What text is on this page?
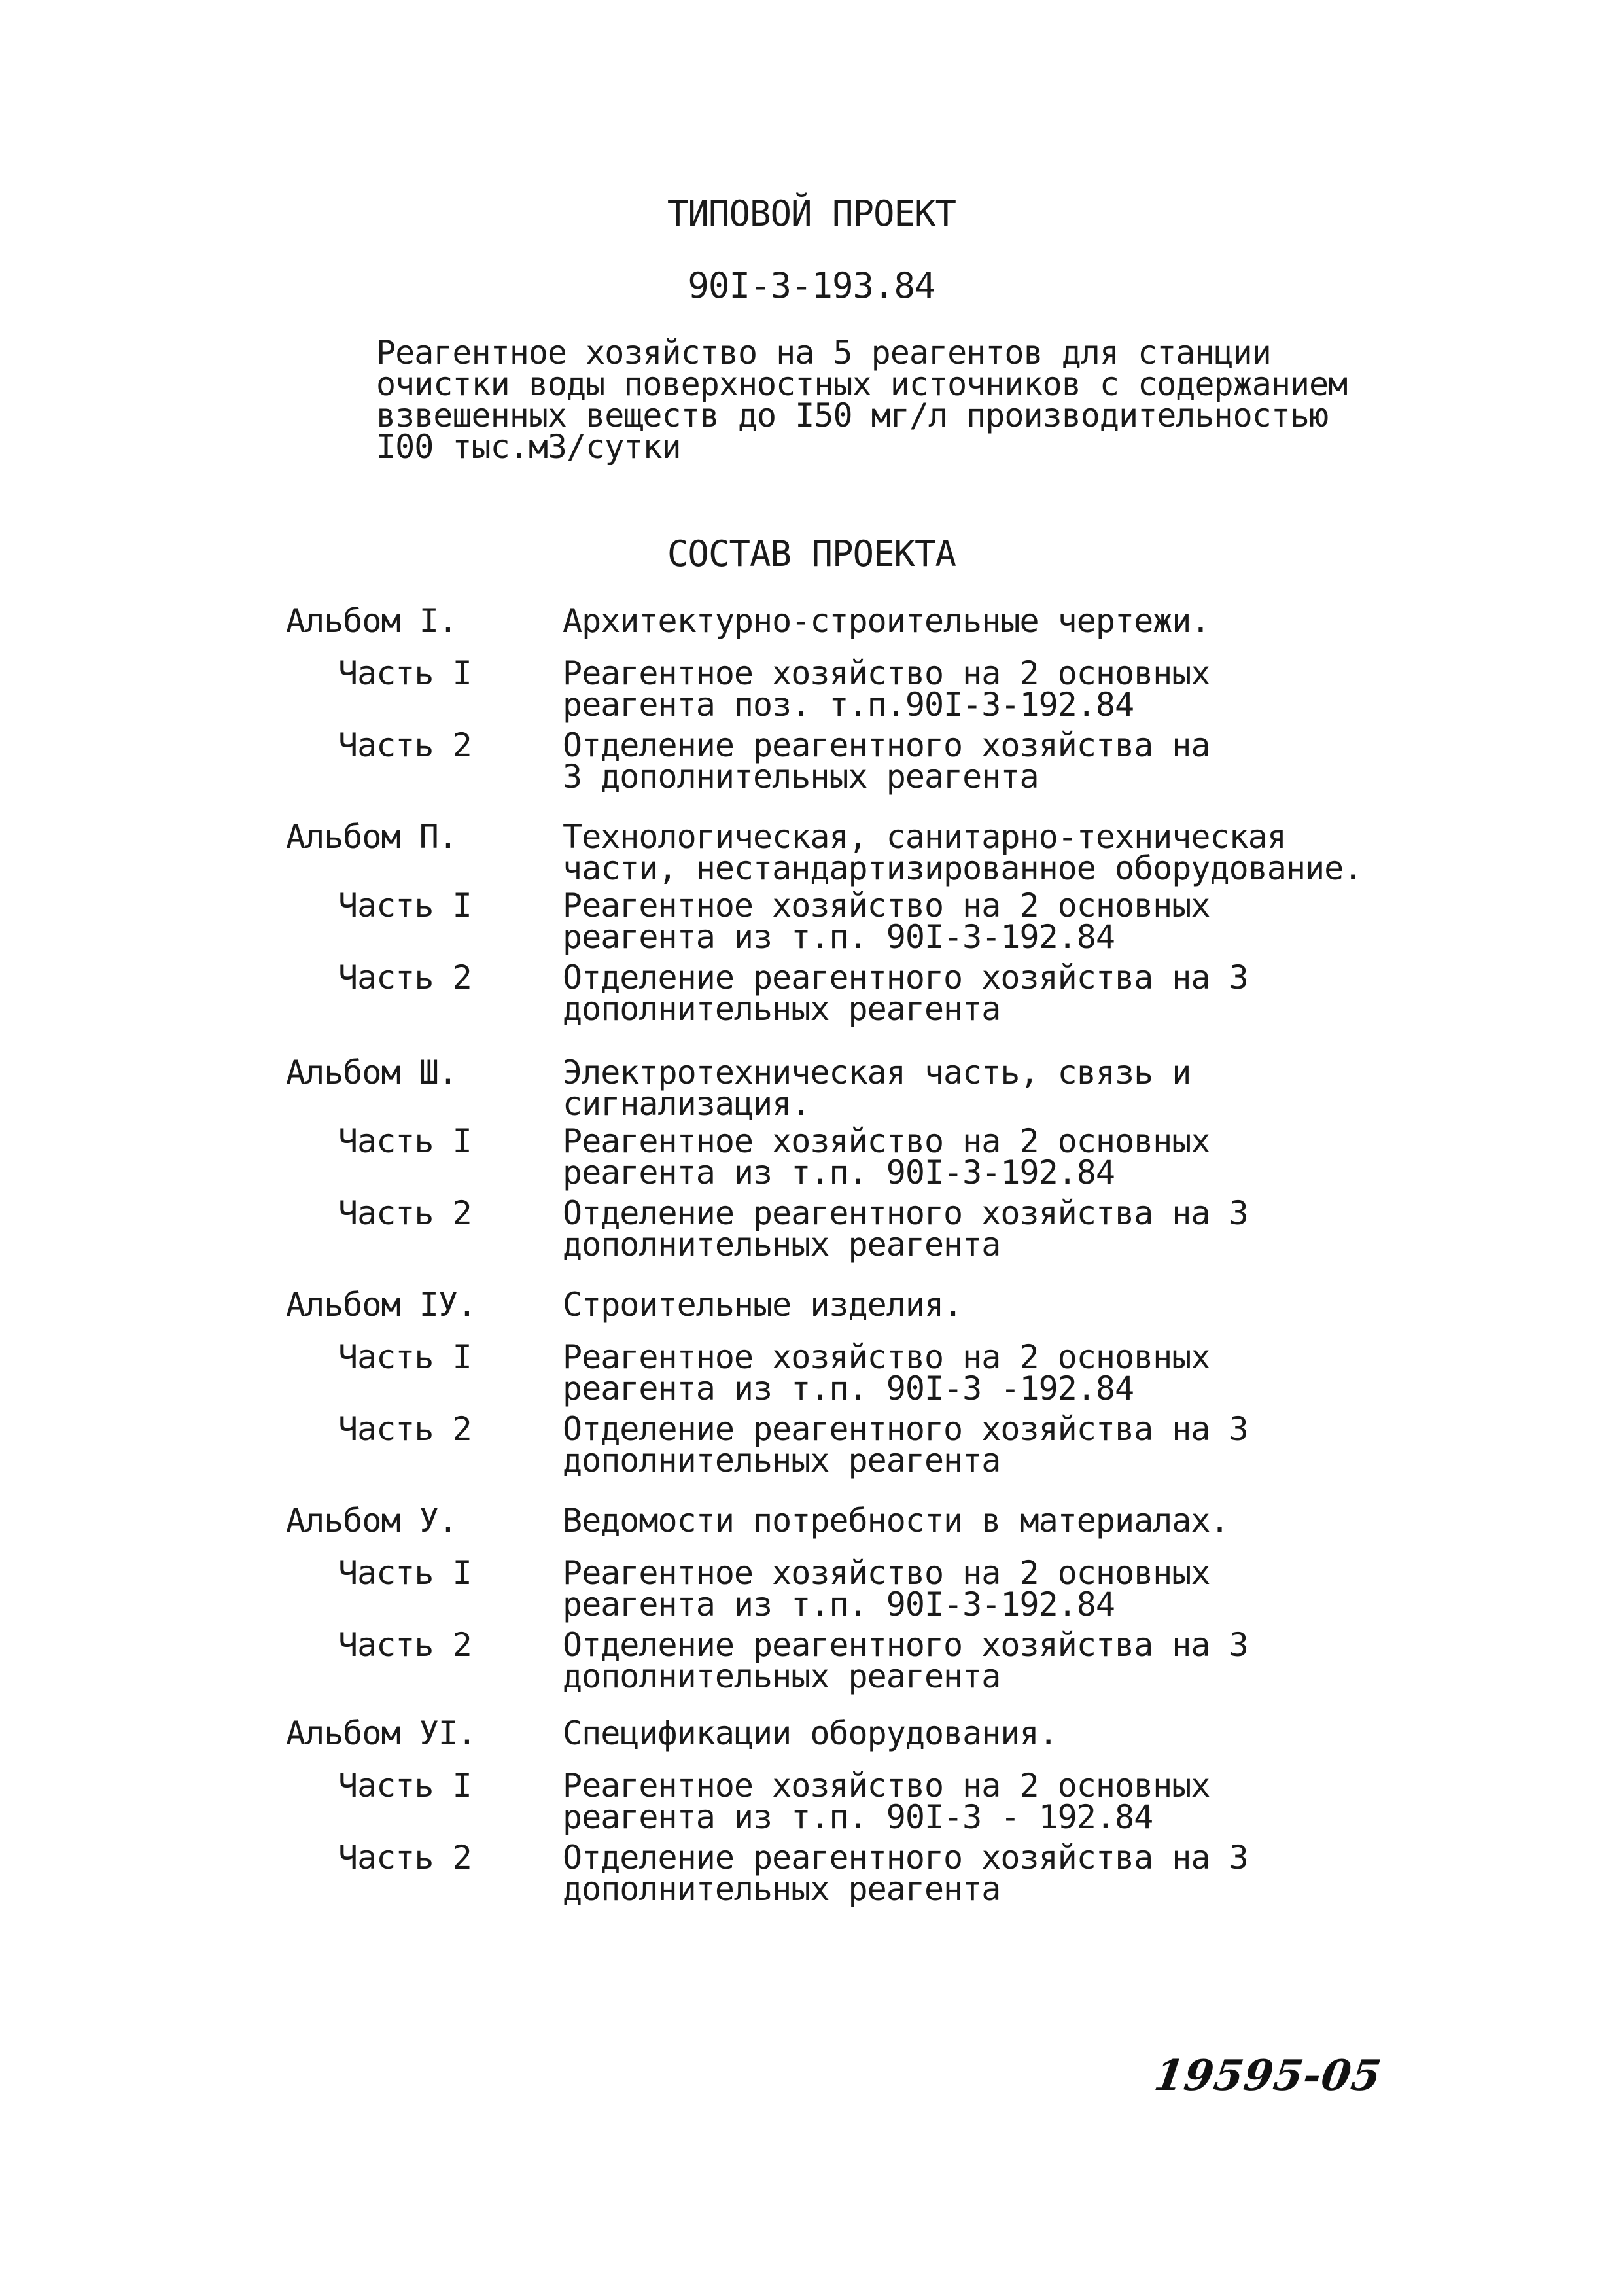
ТИПОВОЙ ПРОЕКТ
90I-3-193.84
Реагентное хозяйство на 5 реагентов для станции
очистки воды поверхностных источников с содержанием
взвешенных веществ до I50 мг/л производительностью
I00 тыс.м3/сутки
СОСТАВ ПРОЕКТА
Альбом I.	Архитектурно-строительные чертежи.
Часть I	Реагентное хозяйство на 2 основных
реагента поз. т.п.90I-3-192.84
Часть 2	Отделение реагентного хозяйства на
3 дополнительных реагента
Альбом П.	Технологическая, санитарно-техническая
части, нестандартизированное оборудование.
Часть I	Реагентное хозяйство на 2 основных
реагента из т.п. 90I-3-192.84
Часть 2	Отделение реагентного хозяйства на 3
дополнительных реагента
Альбом Ш.	Электротехническая часть, связь и
сигнализация.
Часть I	Реагентное хозяйство на 2 основных
реагента из т.п. 90I-3-192.84
Часть 2	Отделение реагентного хозяйства на 3
дополнительных реагента
Альбом IУ.	Строительные изделия.
Часть I	Реагентное хозяйство на 2 основных
реагента из т.п. 90I-3 -192.84
Часть 2	Отделение реагентного хозяйства на 3
дополнительных реагента
Альбом У.	Ведомости потребности в материалах.
Часть I	Реагентное хозяйство на 2 основных
реагента из т.п. 90I-3-192.84
Часть 2	Отделение реагентного хозяйства на 3
дополнительных реагента
Альбом УI.	Спецификации оборудования.
Часть I	Реагентное хозяйство на 2 основных
реагента из т.п. 90I-3 - 192.84
Часть 2	Отделение реагентного хозяйства на 3
дополнительных реагента
19595-05
